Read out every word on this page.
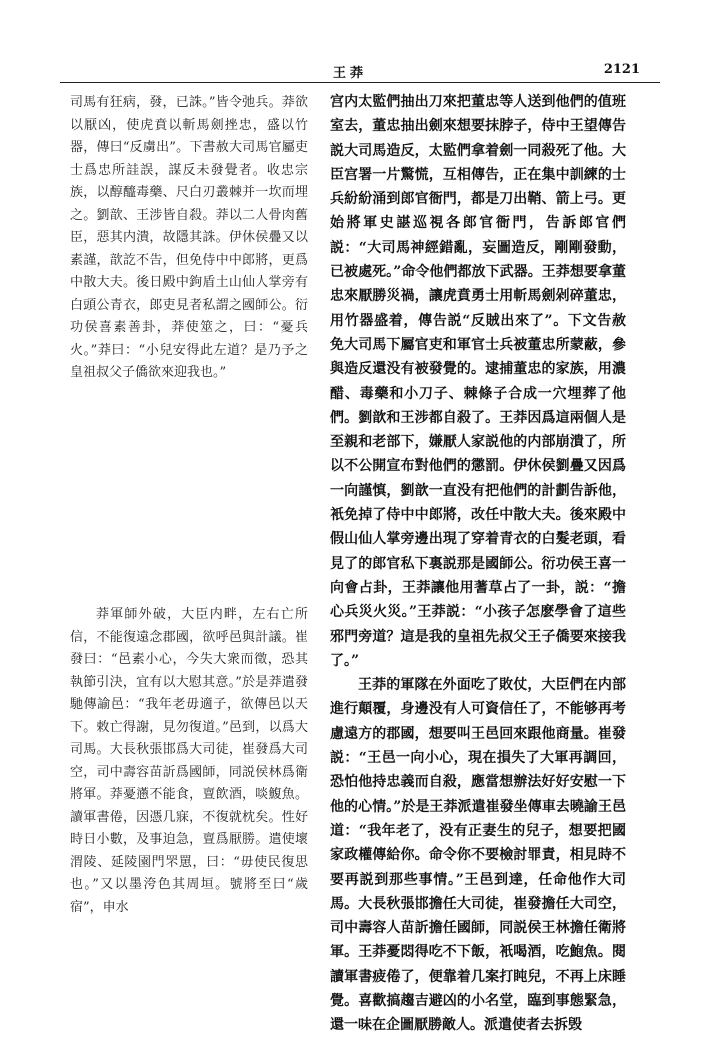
王莽	2121

司馬有狂病，發，已誅。”皆令弛兵。莽欲以厭凶，使虎賁以斬馬劍挫忠，盛以竹器，傳曰“反虜出”。下書赦大司馬官屬吏士爲忠所詿誤，謀反未發覺者。收忠宗族，以醇醯毒藥、尺白刃叢棘并一坎而埋之。劉歆、王涉皆自殺。莽以二人骨肉舊臣，惡其内潰，故隱其誅。伊休侯疊又以素謹，歆訖不告，但免侍中中郎將，更爲中散大夫。後日殿中鉤盾土山仙人掌旁有白頭公青衣，郎吏見者私謂之國師公。衍功侯喜素善卦，莽使筮之，曰：“憂兵火。”莽曰：“小兒安得此左道？是乃予之皇祖叔父子僑欲來迎我也。”

莽軍師外破，大臣内畔，左右亡所信，不能復遠念郡國，欲呼邑與計議。崔發曰：“邑素小心，今失大衆而徵，恐其執節引決，宜有以大慰其意。”於是莽遣發馳傳諭邑：“我年老毋適子，欲傳邑以天下。敕亡得謝，見勿復道。”邑到，以爲大司馬。大長秋張邯爲大司徒，崔發爲大司空，司中壽容苗訢爲國師，同説侯林爲衛將軍。莽憂懣不能食，亶飲酒，啖鰒魚。讀軍書倦，因憑几寐，不復就枕矣。性好時日小數，及事迫急，亶爲厭勝。遣使壞渭陵、延陵園門罘罳，曰：“毋使民復思也。”又以墨洿色其周垣。號將至曰“歲宿”，申水

宫内太監們抽出刀來把董忠等人送到他們的值班室去，董忠抽出劍來想要抹脖子，侍中王望傳告説大司馬造反，太監們拿着劍一同殺死了他。大臣宫署一片驚慌，互相傳告，正在集中訓練的士兵紛紛涌到郎官衙門，都是刀出鞘、箭上弓。更始將軍史諶巡視各郎官衙門，告訴郎官們説：“大司馬神經錯亂，妄圖造反，剛剛發動，已被處死。”命令他們都放下武器。王莽想要拿董忠來厭勝災禍，讓虎賁勇士用斬馬劍剁碎董忠，用竹器盛着，傳告説“反賊出來了”。下文告赦免大司馬下屬官吏和軍官士兵被董忠所蒙蔽，參與造反還没有被發覺的。逮捕董忠的家族，用濃醋、毒藥和小刀子、棘條子合成一穴埋葬了他們。劉歆和王涉都自殺了。王莽因爲這兩個人是至親和老部下，嫌厭人家説他的内部崩潰了，所以不公開宣布對他們的懲罰。伊休侯劉疊又因爲一向謹慎，劉歆一直没有把他們的計劃告訴他，衹免掉了侍中中郎將，改任中散大夫。後來殿中假山仙人掌旁邊出現了穿着青衣的白髮老頭，看見了的郎官私下裏説那是國師公。衍功侯王喜一向會占卦，王莽讓他用蓍草占了一卦，説：“擔心兵災火災。”王莽説：“小孩子怎麽學會了這些邪門旁道？這是我的皇祖先叔父王子僑要來接我了。”

王莽的軍隊在外面吃了敗仗，大臣們在内部進行顛覆，身邊没有人可資信任了，不能够再考慮遠方的郡國，想要叫王邑回來跟他商量。崔發説：“王邑一向小心，現在損失了大軍再調回，恐怕他持忠義而自殺，應當想辦法好好安慰一下他的心情。”於是王莽派遣崔發坐傳車去曉諭王邑道：“我年老了，没有正妻生的兒子，想要把國家政權傳給你。命令你不要檢討罪責，相見時不要再説到那些事情。”王邑到達，任命他作大司馬。大長秋張邯擔任大司徒，崔發擔任大司空，司中壽容人苗訢擔任國師，同説侯王林擔任衛將軍。王莽憂悶得吃不下飯，衹喝酒，吃鮑魚。閱讀軍書疲倦了，便靠着几案打盹兒，不再上床睡覺。喜歡搞趨吉避凶的小名堂，臨到事態緊急，還一味在企圖厭勝敵人。派遣使者去拆毁
